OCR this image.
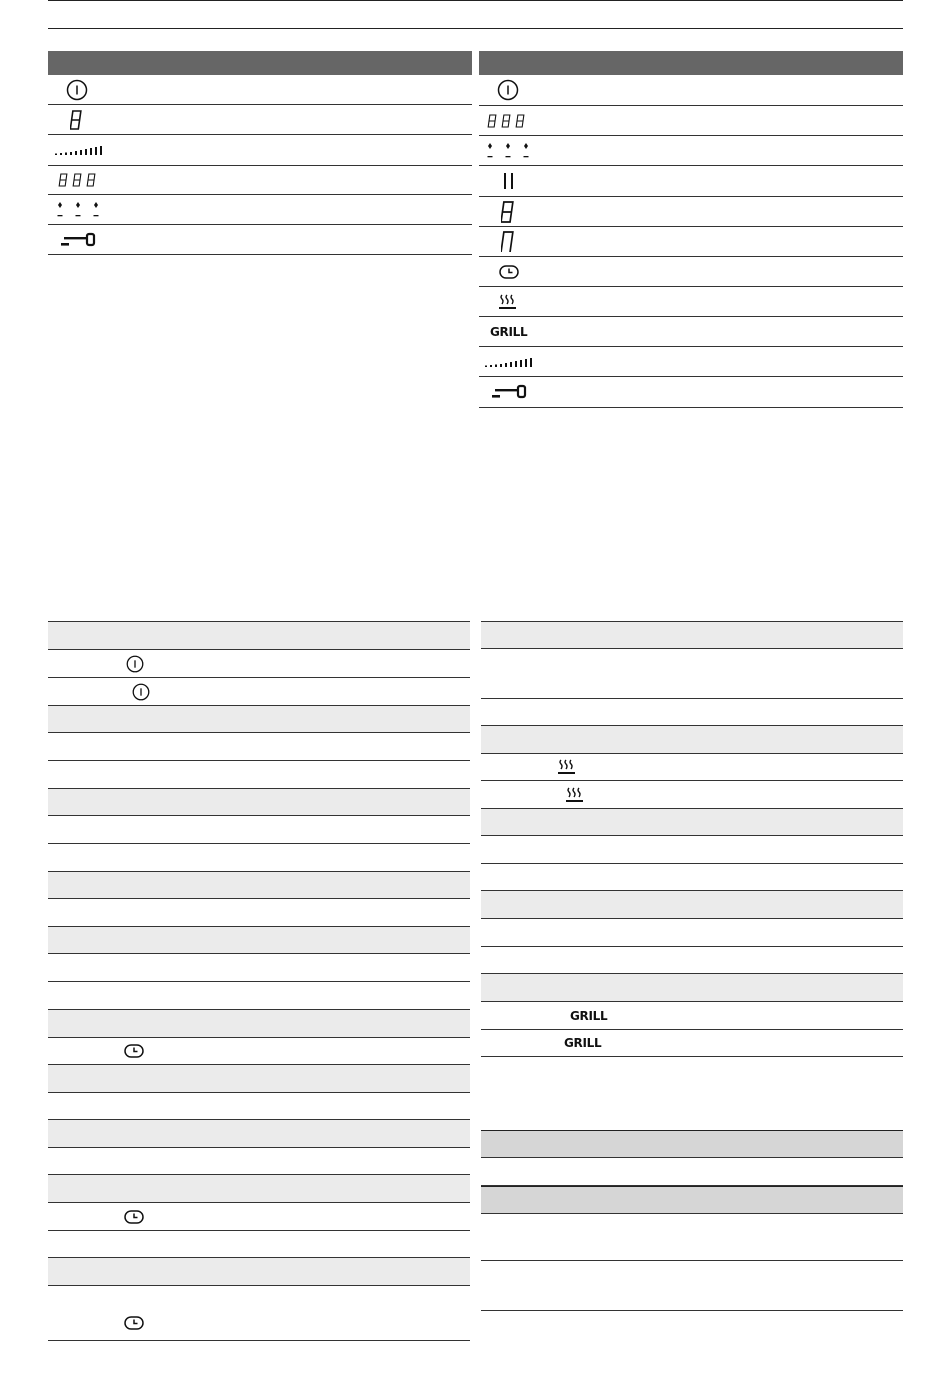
GRILL
GRILL
GRILL
